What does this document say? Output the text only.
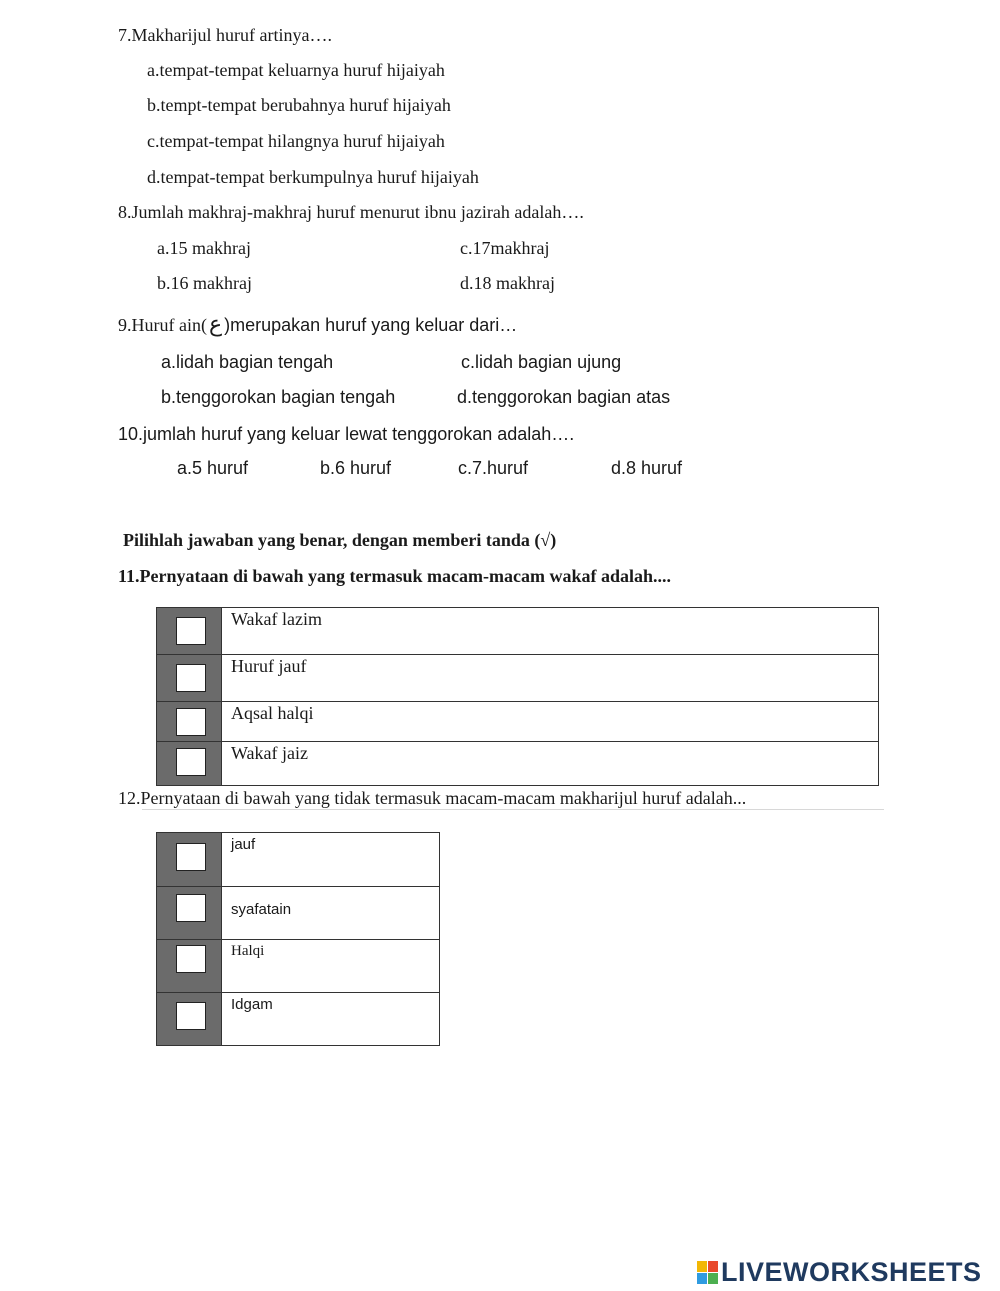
7.Makharijul huruf artinya….
a.tempat-tempat keluarnya huruf hijaiyah
b.tempt-tempat berubahnya huruf hijaiyah
c.tempat-tempat hilangnya huruf hijaiyah
d.tempat-tempat berkumpulnya huruf hijaiyah
8.Jumlah makhraj-makhraj huruf menurut ibnu jazirah adalah….
a.15 makhraj	c.17makhraj
b.16 makhraj	d.18 makhraj
9.Huruf ain(ع )merupakan huruf yang keluar dari…
a.lidah bagian tengah	c.lidah bagian ujung
b.tenggorokan bagian tengah	d.tenggorokan bagian atas
10.jumlah huruf yang keluar lewat tenggorokan adalah….
a.5 huruf	b.6 huruf	c.7.huruf	d.8 huruf
Pilihlah jawaban yang benar, dengan memberi tanda (√)
11.Pernyataan di bawah yang termasuk macam-macam wakaf adalah....
Wakaf lazim
Huruf jauf
Aqsal halqi
Wakaf jaiz
12.Pernyataan di bawah yang tidak termasuk macam-macam makharijul huruf adalah...
jauf
syafatain
Halqi
Idgam
LIVEWORKSHEETS
